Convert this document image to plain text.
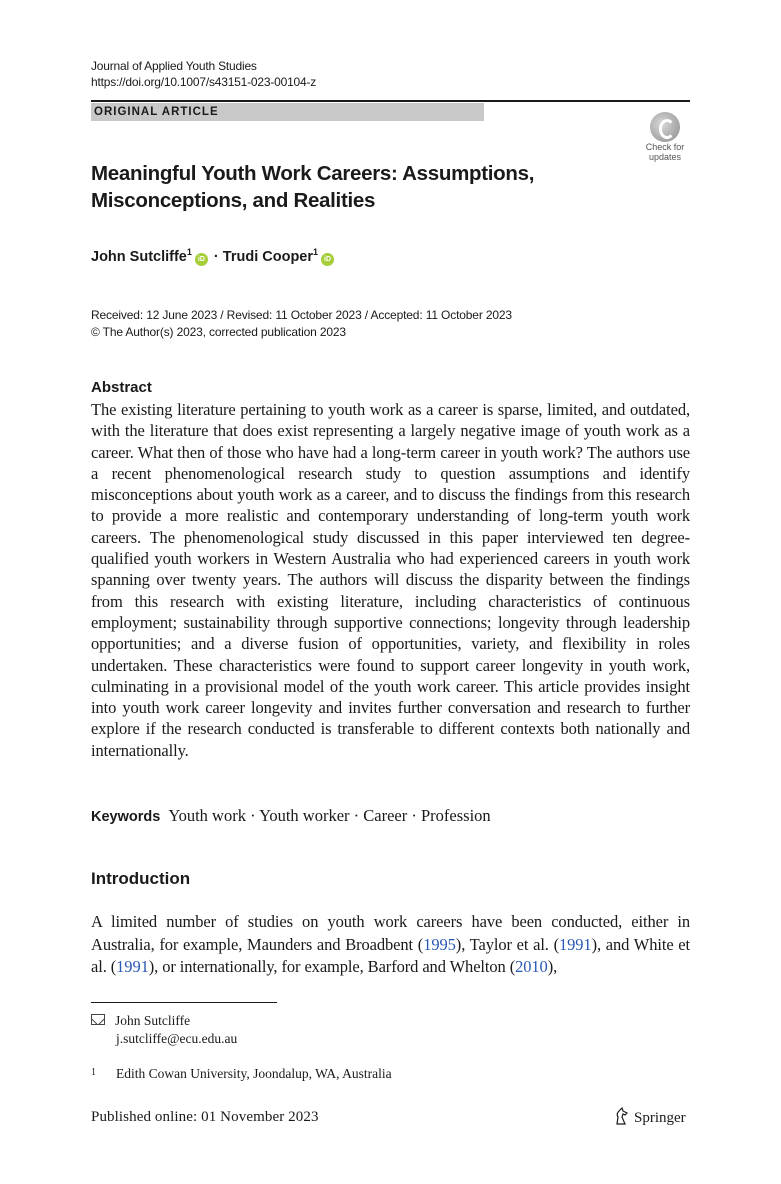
Journal of Applied Youth Studies
https://doi.org/10.1007/s43151-023-00104-z
ORIGINAL ARTICLE
Check for
updates
Meaningful Youth Work Careers: Assumptions,
Misconceptions, and Realities
John Sutcliffe$^1$iD · Trudi Cooper$^1$iD
Received: 12 June 2023 / Revised: 11 October 2023 / Accepted: 11 October 2023
© The Author(s) 2023, corrected publication 2023
Abstract
The existing literature pertaining to youth work as a career is sparse, limited, and outdated, with the literature that does exist representing a largely negative image of youth work as a career. What then of those who have had a long-term career in youth work? The authors use a recent phenomenological research study to question assumptions and identify misconceptions about youth work as a career, and to discuss the findings from this research to provide a more realistic and contemporary understanding of long-term youth work careers. The phenomenological study discussed in this paper interviewed ten degree-qualified youth workers in Western Australia who had experienced careers in youth work spanning over twenty years. The authors will discuss the disparity between the findings from this research with existing literature, including characteristics of continuous employment; sustainability through supportive connections; longevity through leadership opportunities; and a diverse fusion of opportunities, variety, and flexibility in roles undertaken. These characteristics were found to support career longevity in youth work, culminating in a provisional model of the youth work career. This article provides insight into youth work career longevity and invites further conversation and research to further explore if the research conducted is transferable to different contexts both nationally and internationally.
Keywords Youth work · Youth worker · Career · Profession
Introduction
A limited number of studies on youth work careers have been conducted, either in Australia, for example, Maunders and Broadbent (1995), Taylor et al. (1991), and White et al. (1991), or internationally, for example, Barford and Whelton (2010),
John Sutcliffe
j.sutcliffe@ecu.edu.au
1 Edith Cowan University, Joondalup, WA, Australia
Published online: 01 November 2023	Springer
